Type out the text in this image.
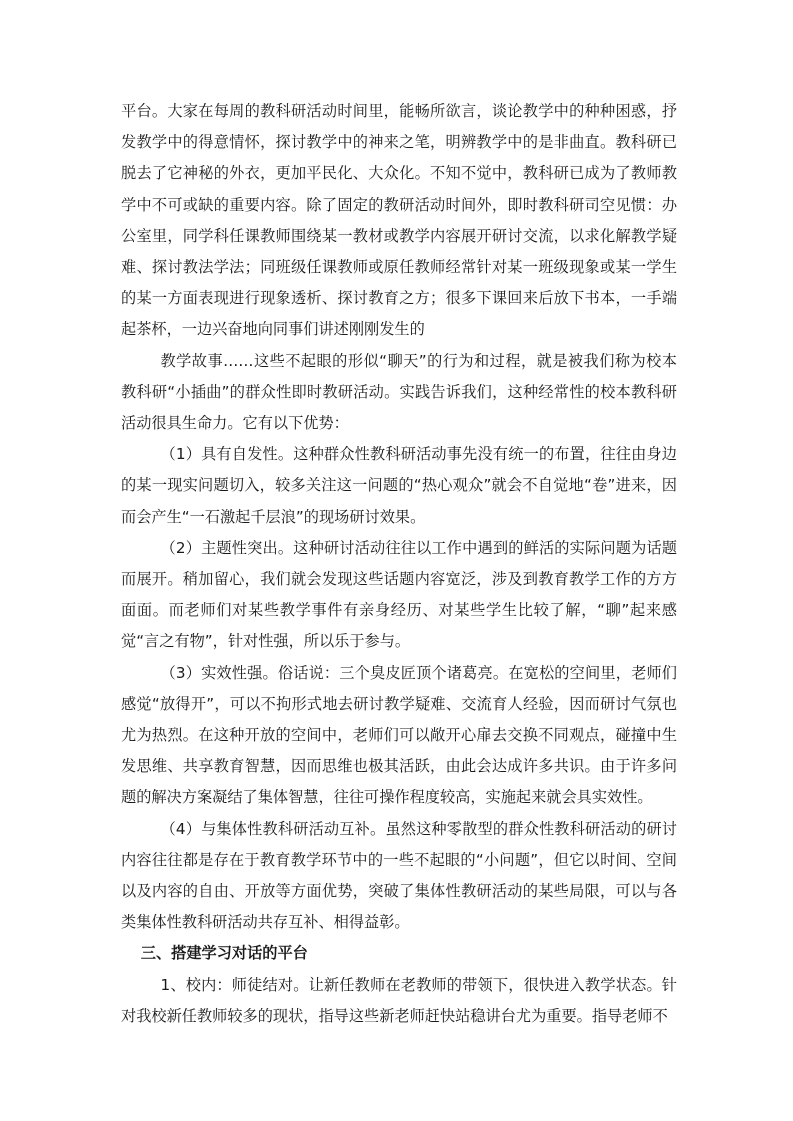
平台。大家在每周的教科研活动时间里，能畅所欲言，谈论教学中的种种困惑，抒发教学中的得意情怀，探讨教学中的神来之笔，明辨教学中的是非曲直。教科研已脱去了它神秘的外衣，更加平民化、大众化。不知不觉中，教科研已成为了教师教学中不可或缺的重要内容。除了固定的教研活动时间外，即时教科研司空见惯：办公室里，同学科任课教师围绕某一教材或教学内容展开研讨交流，以求化解教学疑难、探讨教法学法；同班级任课教师或原任教师经常针对某一班级现象或某一学生的某一方面表现进行现象透析、探讨教育之方；很多下课回来后放下书本，一手端起茶杯，一边兴奋地向同事们讲述刚刚发生的

教学故事……这些不起眼的形似“聊天”的行为和过程，就是被我们称为校本教科研“小插曲”的群众性即时教研活动。实践告诉我们，这种经常性的校本教科研活动很具生命力。它有以下优势：

（1）具有自发性。这种群众性教科研活动事先没有统一的布置，往往由身边的某一现实问题切入，较多关注这一问题的“热心观众”就会不自觉地“卷”进来，因而会产生“一石激起千层浪”的现场研讨效果。

（2）主题性突出。这种研讨活动往往以工作中遇到的鲜活的实际问题为话题而展开。稍加留心，我们就会发现这些话题内容宽泛，涉及到教育教学工作的方方面面。而老师们对某些教学事件有亲身经历、对某些学生比较了解，“聊”起来感觉“言之有物”，针对性强，所以乐于参与。

（3）实效性强。俗话说：三个臭皮匠顶个诸葛亮。在宽松的空间里，老师们感觉“放得开”，可以不拘形式地去研讨教学疑难、交流育人经验，因而研讨气氛也尤为热烈。在这种开放的空间中，老师们可以敞开心扉去交换不同观点，碰撞中生发思维、共享教育智慧，因而思维也极其活跃，由此会达成许多共识。由于许多问题的解决方案凝结了集体智慧，往往可操作程度较高，实施起来就会具实效性。

（4）与集体性教科研活动互补。虽然这种零散型的群众性教科研活动的研讨内容往往都是存在于教育教学环节中的一些不起眼的“小问题”，但它以时间、空间以及内容的自由、开放等方面优势，突破了集体性教研活动的某些局限，可以与各类集体性教科研活动共存互补、相得益彰。

三、搭建学习对话的平台

1、校内：师徒结对。让新任教师在老教师的带领下，很快进入教学状态。针对我校新任教师较多的现状，指导这些新老师赶快站稳讲台尤为重要。指导老师不
